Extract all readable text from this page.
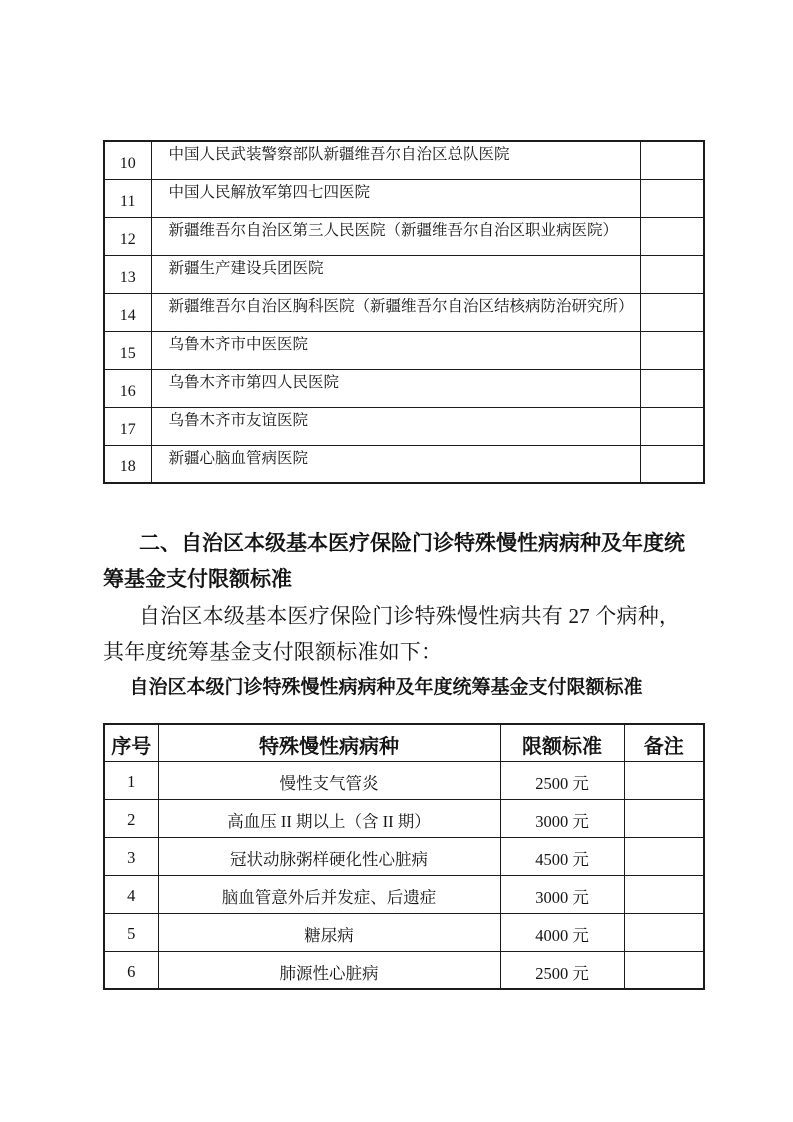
10	中国人民武装警察部队新疆维吾尔自治区总队医院	
11	中国人民解放军第四七四医院	
12	新疆维吾尔自治区第三人民医院（新疆维吾尔自治区职业病医院）	
13	新疆生产建设兵团医院	
14	新疆维吾尔自治区胸科医院（新疆维吾尔自治区结核病防治研究所）	
15	乌鲁木齐市中医医院	
16	乌鲁木齐市第四人民医院	
17	乌鲁木齐市友谊医院	
18	新疆心脑血管病医院	
二、自治区本级基本医疗保险门诊特殊慢性病病种及年度统
筹基金支付限额标准
自治区本级基本医疗保险门诊特殊慢性病共有 27 个病种，
其年度统筹基金支付限额标准如下：
自治区本级门诊特殊慢性病病种及年度统筹基金支付限额标准
序号	特殊慢性病病种	限额标准	备注
1	慢性支气管炎	2500 元	
2	高血压 II 期以上（含 II 期）	3000 元	
3	冠状动脉粥样硬化性心脏病	4500 元	
4	脑血管意外后并发症、后遗症	3000 元	
5	糖尿病	4000 元	
6	肺源性心脏病	2500 元	
